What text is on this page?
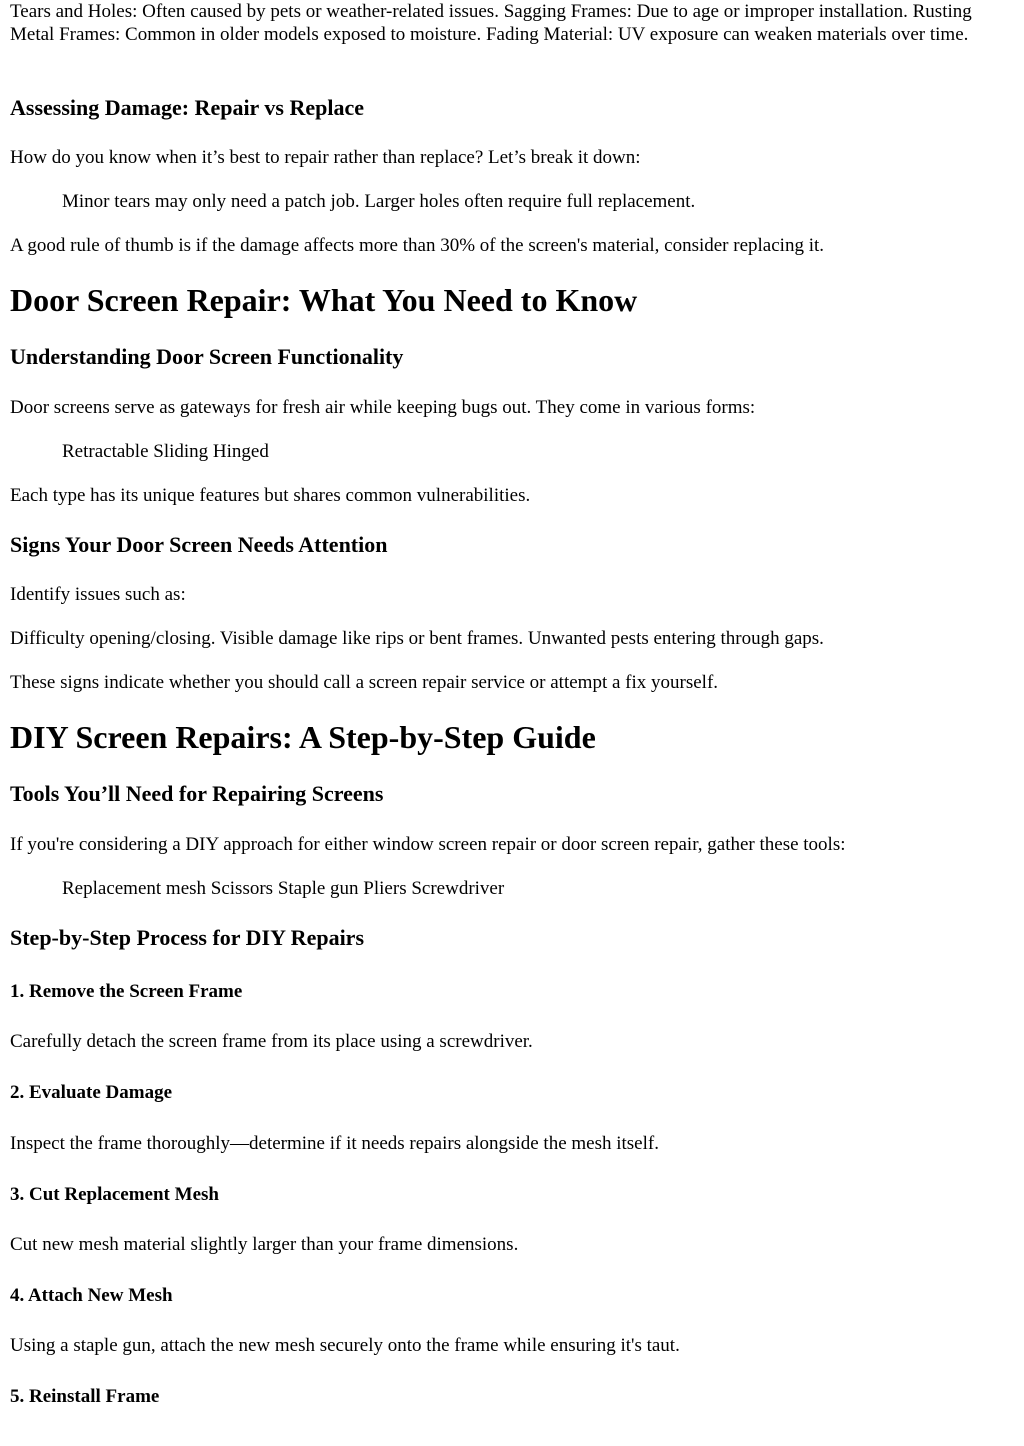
Tears and Holes: Often caused by pets or weather-related issues. Sagging Frames: Due to age or improper installation. Rusting Metal Frames: Common in older models exposed to moisture. Fading Material: UV exposure can weaken materials over time.

Assessing Damage: Repair vs Replace

How do you know when it’s best to repair rather than replace? Let’s break it down:

Minor tears may only need a patch job. Larger holes often require full replacement.

A good rule of thumb is if the damage affects more than 30% of the screen's material, consider replacing it.

Door Screen Repair: What You Need to Know
Understanding Door Screen Functionality

Door screens serve as gateways for fresh air while keeping bugs out. They come in various forms:

Retractable Sliding Hinged

Each type has its unique features but shares common vulnerabilities.

Signs Your Door Screen Needs Attention

Identify issues such as:

Difficulty opening/closing. Visible damage like rips or bent frames. Unwanted pests entering through gaps.

These signs indicate whether you should call a screen repair service or attempt a fix yourself.

DIY Screen Repairs: A Step-by-Step Guide
Tools You’ll Need for Repairing Screens

If you're considering a DIY approach for either window screen repair or door screen repair, gather these tools:

Replacement mesh Scissors Staple gun Pliers Screwdriver

Step-by-Step Process for DIY Repairs
1. Remove the Screen Frame

Carefully detach the screen frame from its place using a screwdriver.

2. Evaluate Damage

Inspect the frame thoroughly—determine if it needs repairs alongside the mesh itself.

3. Cut Replacement Mesh

Cut new mesh material slightly larger than your frame dimensions.

4. Attach New Mesh

Using a staple gun, attach the new mesh securely onto the frame while ensuring it's taut.

5. Reinstall Frame
